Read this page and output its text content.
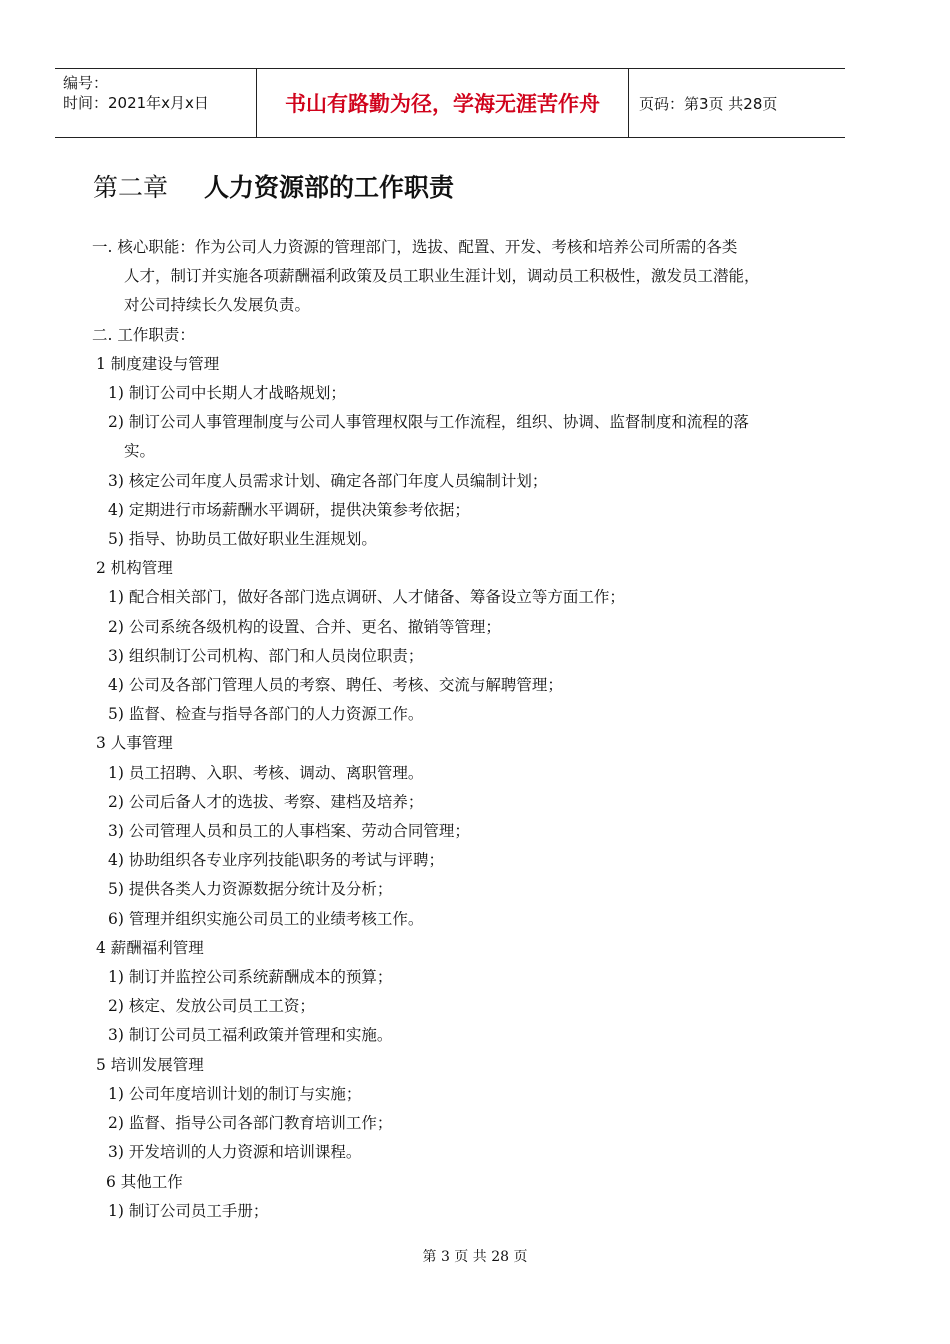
编号：
时间：2021年x月x日	书山有路勤为径，学海无涯苦作舟	页码：第3页 共28页
第二章 人力资源部的工作职责
一. 核心职能：作为公司人力资源的管理部门，选拔、配置、开发、考核和培养公司所需的各类
人才，制订并实施各项薪酬福利政策及员工职业生涯计划，调动员工积极性，激发员工潜能，
对公司持续长久发展负责。
二. 工作职责：
1 制度建设与管理
1) 制订公司中长期人才战略规划；
2) 制订公司人事管理制度与公司人事管理权限与工作流程，组织、协调、监督制度和流程的落
实。
3) 核定公司年度人员需求计划、确定各部门年度人员编制计划；
4) 定期进行市场薪酬水平调研，提供决策参考依据；
5) 指导、协助员工做好职业生涯规划。
2 机构管理
1) 配合相关部门，做好各部门选点调研、人才储备、筹备设立等方面工作；
2) 公司系统各级机构的设置、合并、更名、撤销等管理；
3) 组织制订公司机构、部门和人员岗位职责；
4) 公司及各部门管理人员的考察、聘任、考核、交流与解聘管理；
5) 监督、检查与指导各部门的人力资源工作。
3 人事管理
1) 员工招聘、入职、考核、调动、离职管理。
2) 公司后备人才的选拔、考察、建档及培养；
3) 公司管理人员和员工的人事档案、劳动合同管理；
4) 协助组织各专业序列技能\职务的考试与评聘；
5) 提供各类人力资源数据分统计及分析；
6) 管理并组织实施公司员工的业绩考核工作。
4 薪酬福利管理
1) 制订并监控公司系统薪酬成本的预算；
2) 核定、发放公司员工工资；
3) 制订公司员工福利政策并管理和实施。
5 培训发展管理
1) 公司年度培训计划的制订与实施；
2) 监督、指导公司各部门教育培训工作；
3) 开发培训的人力资源和培训课程。
6 其他工作
1) 制订公司员工手册；
第 3 页 共 28 页
